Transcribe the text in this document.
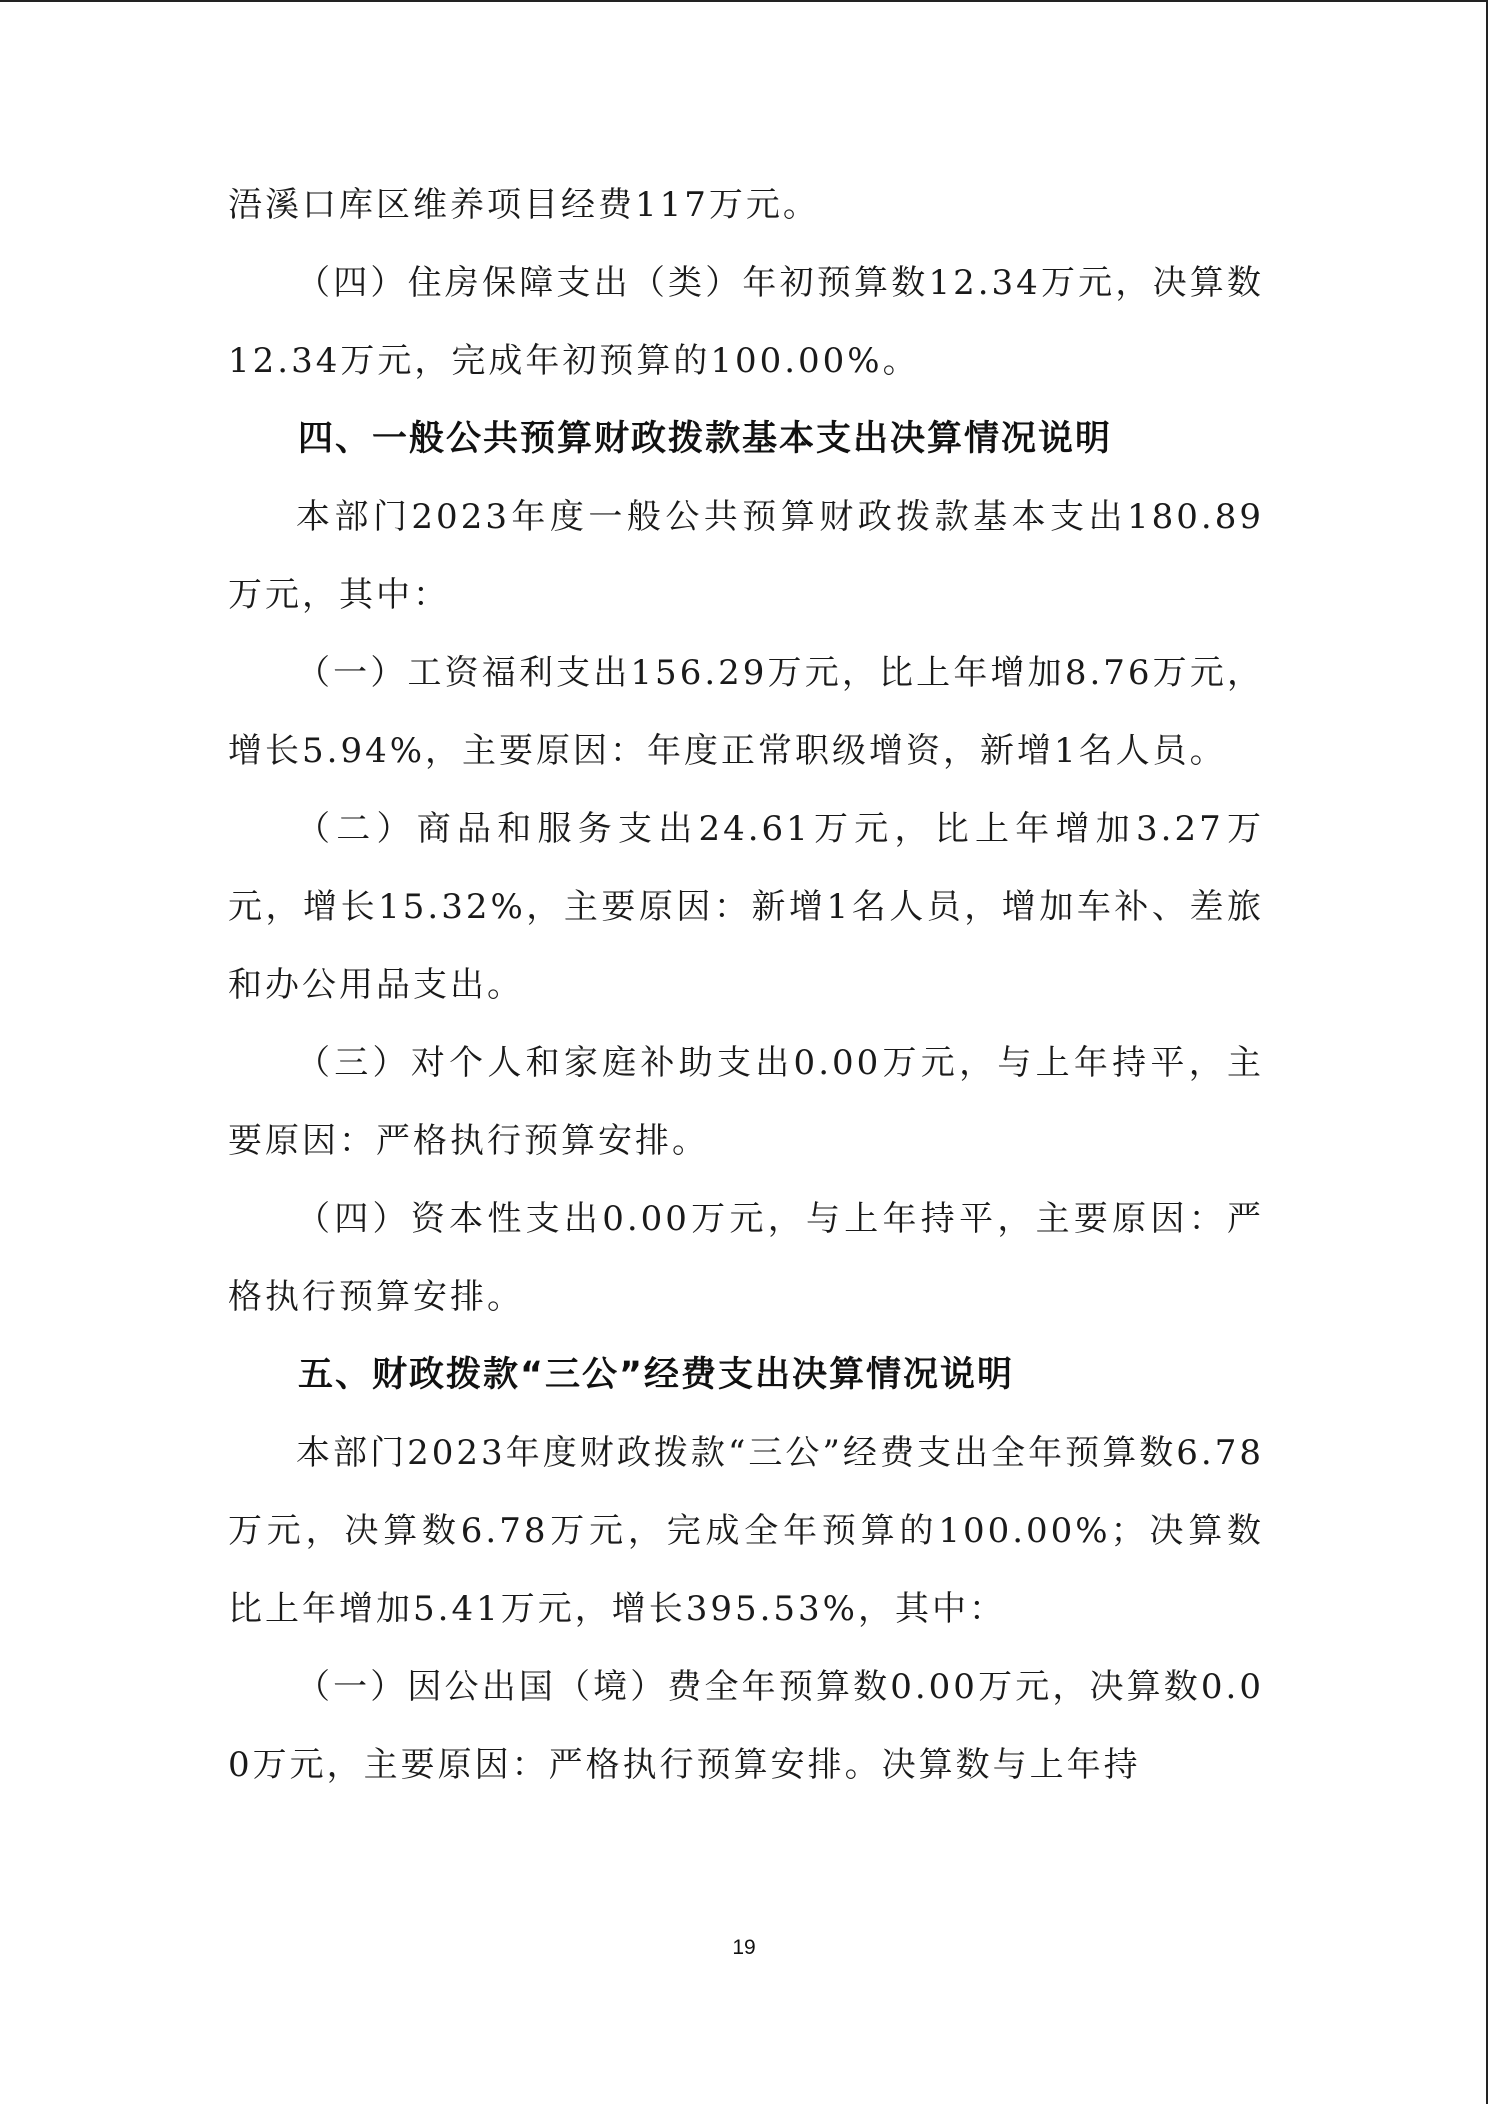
浯溪口库区维养项目经费117万元。

（四）住房保障支出（类）年初预算数12.34万元，决算数12.34万元，完成年初预算的100.00%。

四、一般公共预算财政拨款基本支出决算情况说明

本部门2023年度一般公共预算财政拨款基本支出180.89万元，其中：

（一）工资福利支出156.29万元，比上年增加8.76万元，增长5.94%，主要原因：年度正常职级增资，新增1名人员。

（二）商品和服务支出24.61万元，比上年增加3.27万元，增长15.32%，主要原因：新增1名人员，增加车补、差旅和办公用品支出。

（三）对个人和家庭补助支出0.00万元，与上年持平，主要原因：严格执行预算安排。

（四）资本性支出0.00万元，与上年持平，主要原因：严格执行预算安排。

五、财政拨款“三公”经费支出决算情况说明

本部门2023年度财政拨款“三公”经费支出全年预算数6.78万元，决算数6.78万元，完成全年预算的100.00%；决算数比上年增加5.41万元，增长395.53%，其中：

（一）因公出国（境）费全年预算数0.00万元，决算数0.00万元，主要原因：严格执行预算安排。决算数与上年持

19
